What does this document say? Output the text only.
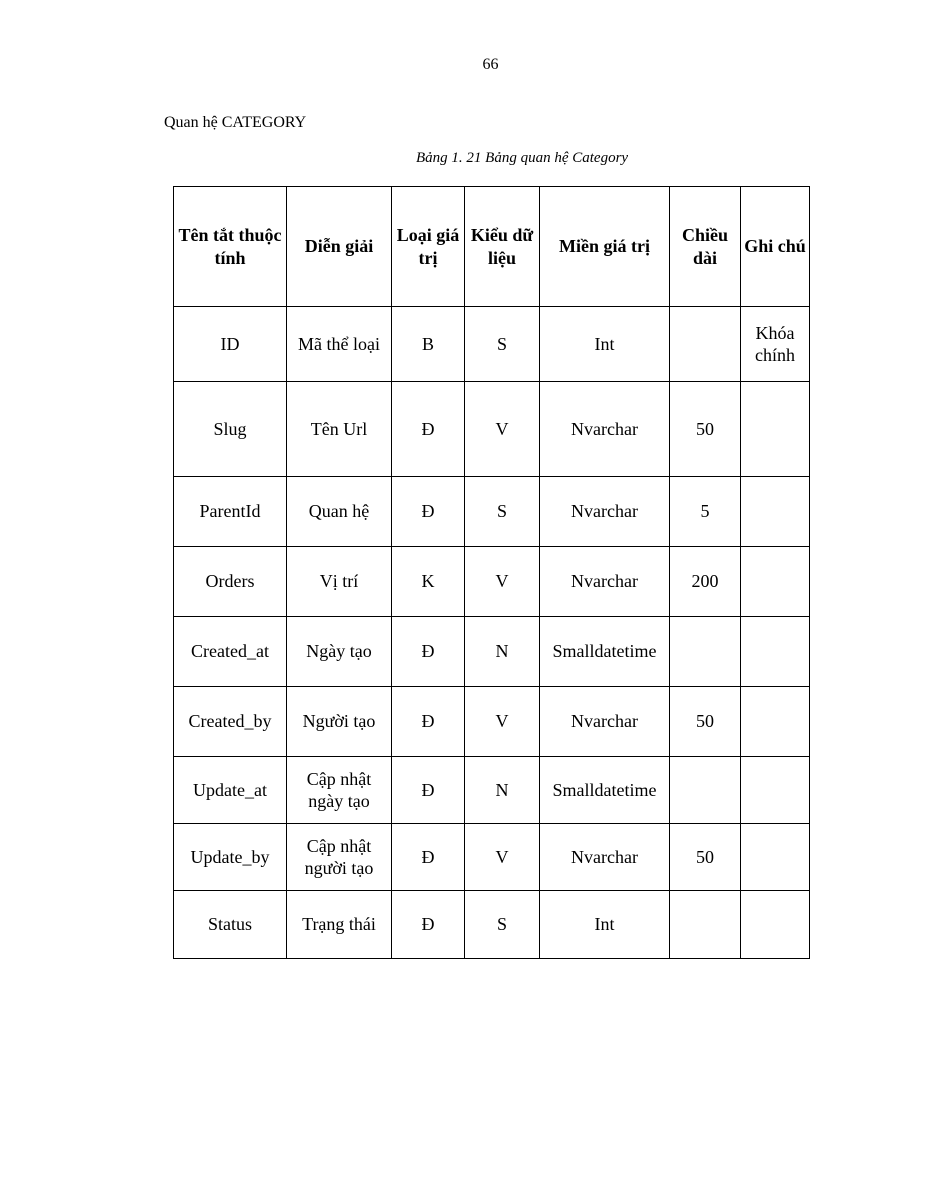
66
Quan hệ CATEGORY
Bảng 1. 21 Bảng quan hệ Category
Tên tắt thuộc tính	Diễn giải	Loại giá trị	Kiểu dữ liệu	Miền giá trị	Chiều dài	Ghi chú
ID	Mã thể loại	B	S	Int		Khóa chính
Slug	Tên Url	Đ	V	Nvarchar	50	
ParentId	Quan hệ	Đ	S	Nvarchar	5	
Orders	Vị trí	K	V	Nvarchar	200	
Created_at	Ngày tạo	Đ	N	Smalldatetime		
Created_by	Người tạo	Đ	V	Nvarchar	50	
Update_at	Cập nhật ngày tạo	Đ	N	Smalldatetime		
Update_by	Cập nhật người tạo	Đ	V	Nvarchar	50	
Status	Trạng thái	Đ	S	Int		
